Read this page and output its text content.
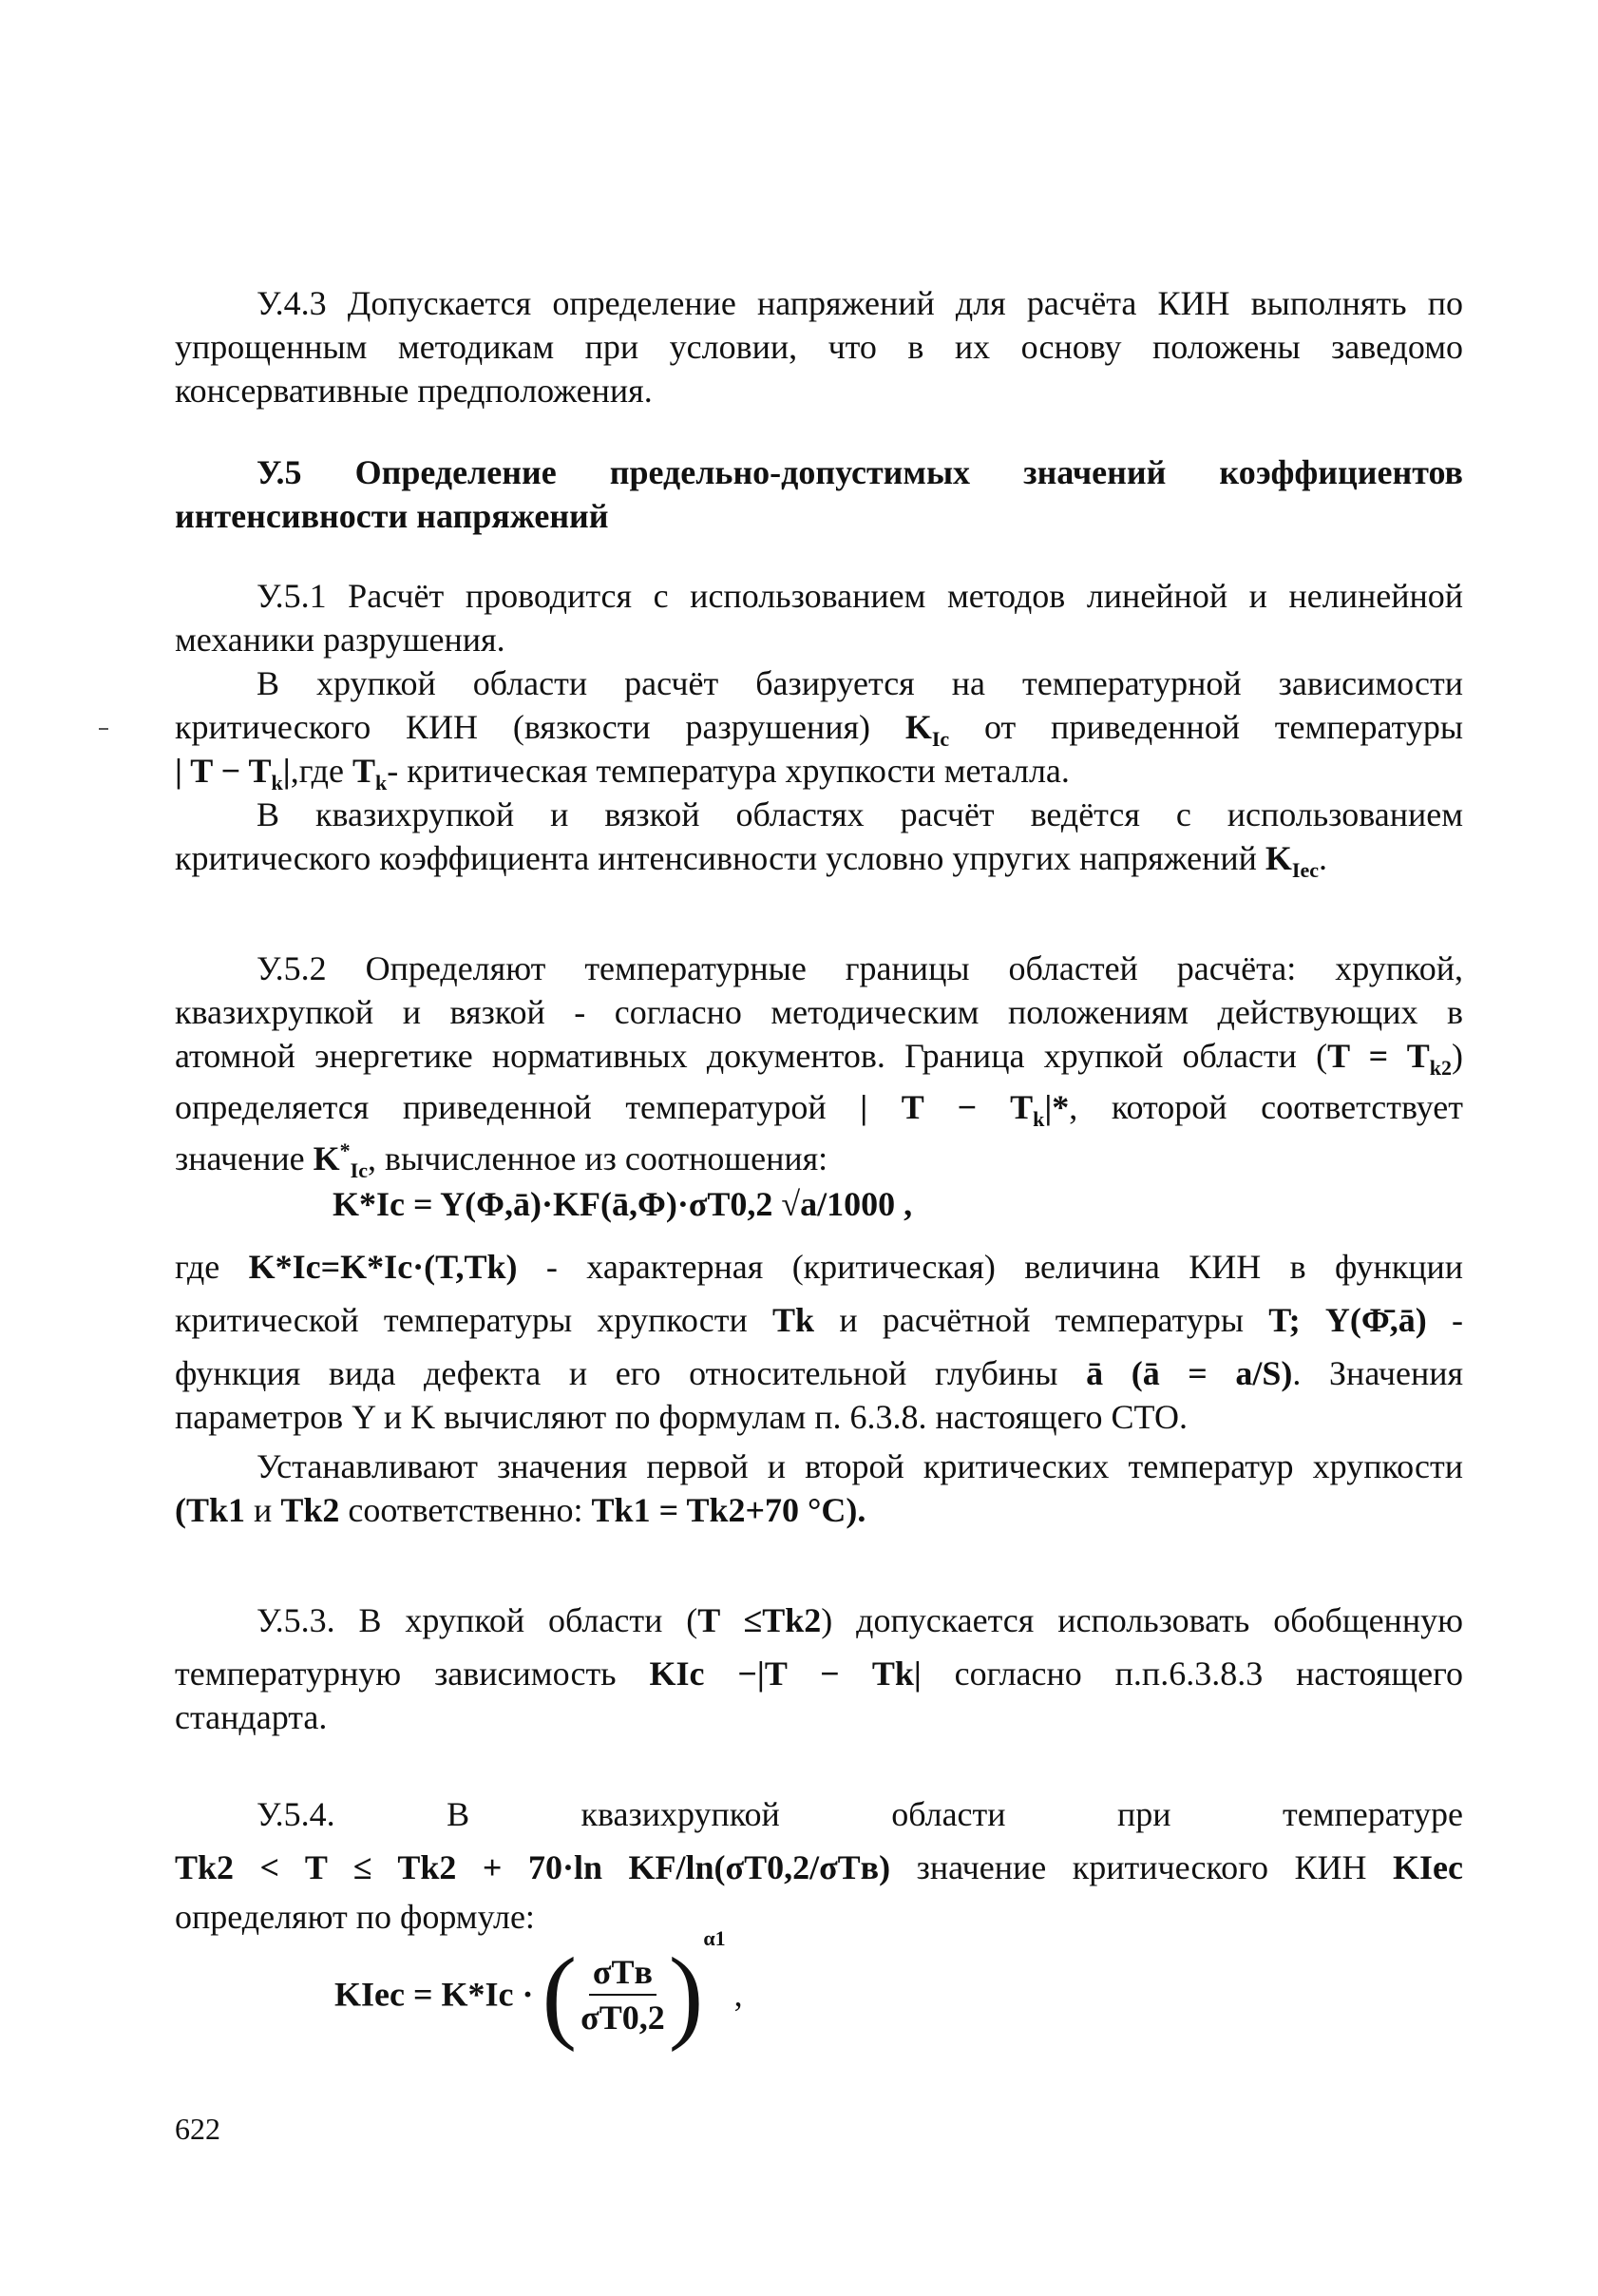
У.4.3 Допускается определение напряжений для расчёта КИН выполнять по
упрощенным методикам при условии, что в их основу положены заведомо
консервативные предположения.
У.5 Определение предельно-допустимых значений коэффициентов
интенсивности напряжений
У.5.1 Расчёт проводится с использованием методов линейной и нелинейной
механики разрушения.
В хрупкой области расчёт базируется на температурной зависимости
критического КИН (вязкости разрушения) $K_{Ic}$ от приведенной температуры
| $T - T_k|,где$ $T_k-$ критическая температура хрупкости металла.
В квазихрупкой и вязкой областях расчёт ведётся с использованием
критического коэффициента интенсивности условно упругих напряжений $K_{Iec}$.
У.5.2 Определяют температурные границы областей расчёта: хрупкой,
квазихрупкой и вязкой - согласно методическим положениям действующих в
атомной энергетике нормативных документов. Граница хрупкой области $(T = T_{k2})$
определяется приведенной температурой | $T - T_k|*$, которой соответствует
значение $K^*_{Ic}$, вычисленное из соотношения:
K*Ic = Y(Φ,ā)·KF(ā,Φ)·σT0,2 √a/1000 ,
где K*Ic=K*Ic·(T,Tk) - характерная (критическая) величина КИН в функции
критической температуры хрупкости Tk и расчётной температуры T; Y(Φ̄,ā) -
функция вида дефекта и его относительной глубины ā (ā = a/S). Значения
параметров Y и K вычисляют по формулам п. 6.3.8. настоящего СТО.
Устанавливают значения первой и второй критических температур хрупкости
(Tk1 и Tk2 соответственно: Tk1 = Tk2+70 °C).
У.5.3. В хрупкой области (T ≤Tk2) допускается использовать обобщенную
температурную зависимость KIc −|T − Tk| согласно п.п.6.3.8.3 настоящего
стандарта.
У.5.4. В квазихрупкой области при температуре
Tk2 < T ≤ Tk2 + 70·ln KF/ln(σT0,2/σTв) значение критического КИН KIec
определяют по формуле:
KIec = K*Ic · ( $\frac{\text{σTв}}{\sigma T0,2} )^{\alpha 1}$ ,
622
